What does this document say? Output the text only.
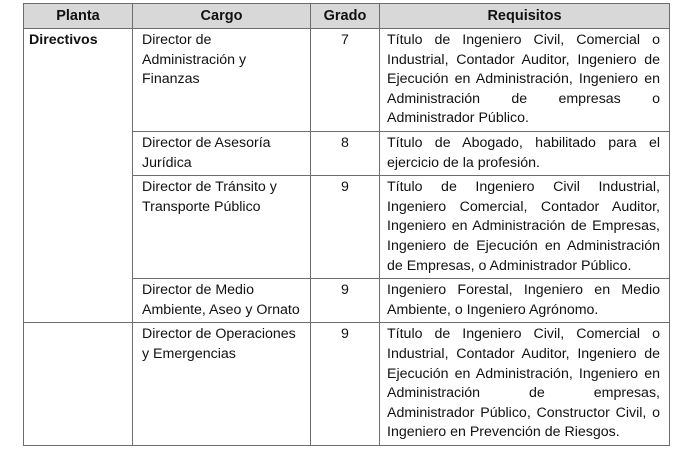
Planta	Cargo	Grado	Requisitos
Directivos	Director de Administración y Finanzas	7	Título de Ingeniero Civil, Comercial o Industrial, Contador Auditor, Ingeniero de Ejecución en Administración, Ingeniero en Administración de empresas o Administrador Público.
	Director de Asesoría Jurídica	8	Título de Abogado, habilitado para el ejercicio de la profesión.
	Director de Tránsito y Transporte Público	9	Título de Ingeniero Civil Industrial, Ingeniero Comercial, Contador Auditor, Ingeniero en Administración de Empresas, Ingeniero de Ejecución en Administración de Empresas, o Administrador Público.
	Director de Medio Ambiente, Aseo y Ornato	9	Ingeniero Forestal, Ingeniero en Medio Ambiente, o Ingeniero Agrónomo.
	Director de Operaciones y Emergencias	9	Título de Ingeniero Civil, Comercial o Industrial, Contador Auditor, Ingeniero de Ejecución en Administración, Ingeniero en Administración de empresas, Administrador Público, Constructor Civil, o Ingeniero en Prevención de Riesgos.
